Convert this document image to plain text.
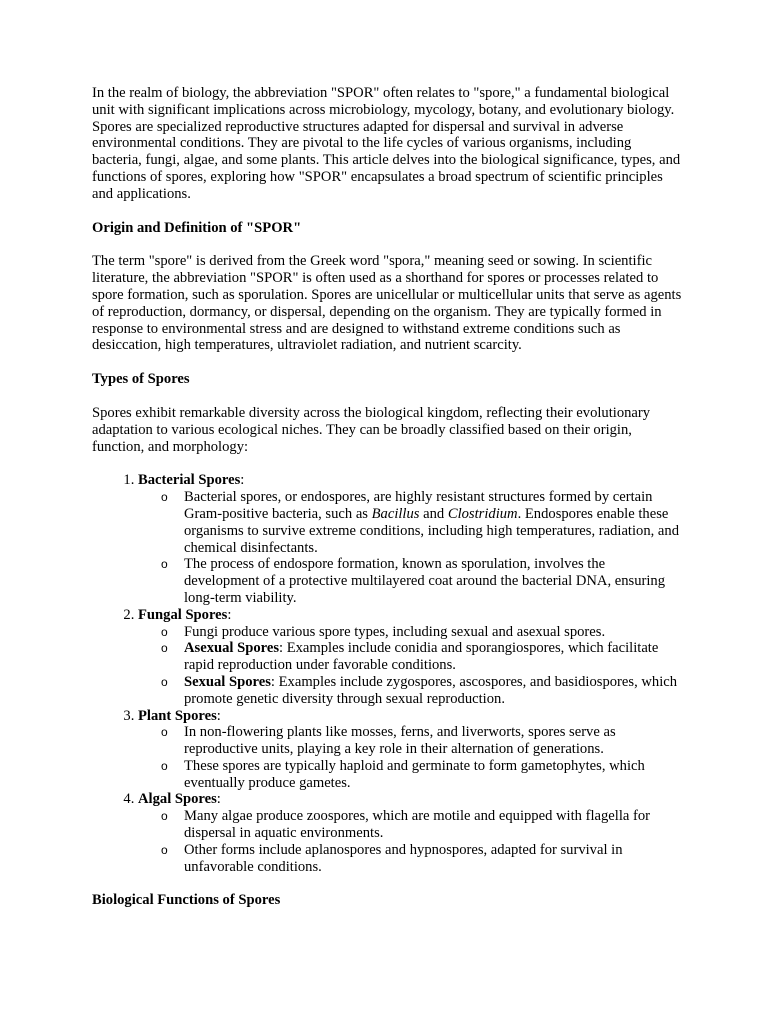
In the realm of biology, the abbreviation "SPOR" often relates to "spore," a fundamental biological unit with significant implications across microbiology, mycology, botany, and evolutionary biology. Spores are specialized reproductive structures adapted for dispersal and survival in adverse environmental conditions. They are pivotal to the life cycles of various organisms, including bacteria, fungi, algae, and some plants. This article delves into the biological significance, types, and functions of spores, exploring how "SPOR" encapsulates a broad spectrum of scientific principles and applications.

Origin and Definition of "SPOR"

The term "spore" is derived from the Greek word "spora," meaning seed or sowing. In scientific literature, the abbreviation "SPOR" is often used as a shorthand for spores or processes related to spore formation, such as sporulation. Spores are unicellular or multicellular units that serve as agents of reproduction, dormancy, or dispersal, depending on the organism. They are typically formed in response to environmental stress and are designed to withstand extreme conditions such as desiccation, high temperatures, ultraviolet radiation, and nutrient scarcity.

Types of Spores

Spores exhibit remarkable diversity across the biological kingdom, reflecting their evolutionary adaptation to various ecological niches. They can be broadly classified based on their origin, function, and morphology:

1. Bacterial Spores:
o Bacterial spores, or endospores, are highly resistant structures formed by certain Gram-positive bacteria, such as Bacillus and Clostridium. Endospores enable these organisms to survive extreme conditions, including high temperatures, radiation, and chemical disinfectants.
o The process of endospore formation, known as sporulation, involves the development of a protective multilayered coat around the bacterial DNA, ensuring long-term viability.
2. Fungal Spores:
o Fungi produce various spore types, including sexual and asexual spores.
o Asexual Spores: Examples include conidia and sporangiospores, which facilitate rapid reproduction under favorable conditions.
o Sexual Spores: Examples include zygospores, ascospores, and basidiospores, which promote genetic diversity through sexual reproduction.
3. Plant Spores:
o In non-flowering plants like mosses, ferns, and liverworts, spores serve as reproductive units, playing a key role in their alternation of generations.
o These spores are typically haploid and germinate to form gametophytes, which eventually produce gametes.
4. Algal Spores:
o Many algae produce zoospores, which are motile and equipped with flagella for dispersal in aquatic environments.
o Other forms include aplanospores and hypnospores, adapted for survival in unfavorable conditions.

Biological Functions of Spores
